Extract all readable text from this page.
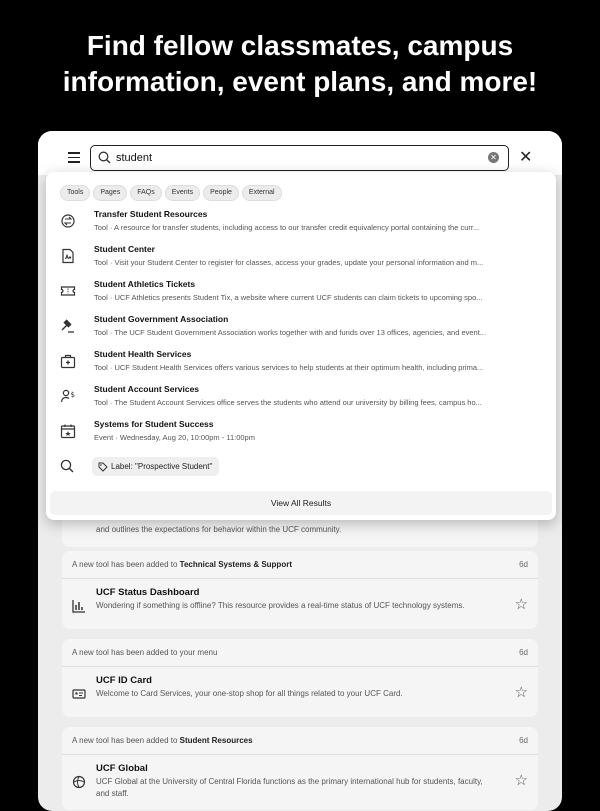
Find fellow classmates, campus
information, event plans, and more!
and outlines the expectations for behavior within the UCF community.
A new tool has been added to Technical Systems & Support	6d
UCF Status Dashboard
Wondering if something is offline? This resource provides a real-time status of UCF technology systems.	☆
A new tool has been added to your menu	6d
UCF ID Card
Welcome to Card Services, your one-stop shop for all things related to your UCF Card.	☆
A new tool has been added to Student Resources	6d
UCF Global
UCF Global at the University of Central Florida functions as the primary international hub for students, faculty, and staff.
☆
student
✕ ✕
Tools Pages FAQs Events People External
Transfer Student Resources
Tool · A resource for transfer students, including access to our transfer credit equivalency portal containing the curr...
Student Center
Tool · Visit your Student Center to register for classes, access your grades, update your personal information and m...
Student Athletics Tickets
Tool · UCF Athletics presents Student Tix, a website where current UCF students can claim tickets to upcoming spo...
Student Government Association
Tool · The UCF Student Government Association works together with and funds over 13 offices, agencies, and event...
Student Health Services
Tool · UCF Student Health Services offers various services to help students at their optimum health, including prima...
$
Student Account Services
Tool · The Student Account Services office serves the students who attend our university by billing fees, campus ho...
Systems for Student Success
Event · Wednesday, Aug 20, 10:00pm - 11:00pm
Label: "Prospective Student"
View All Results
